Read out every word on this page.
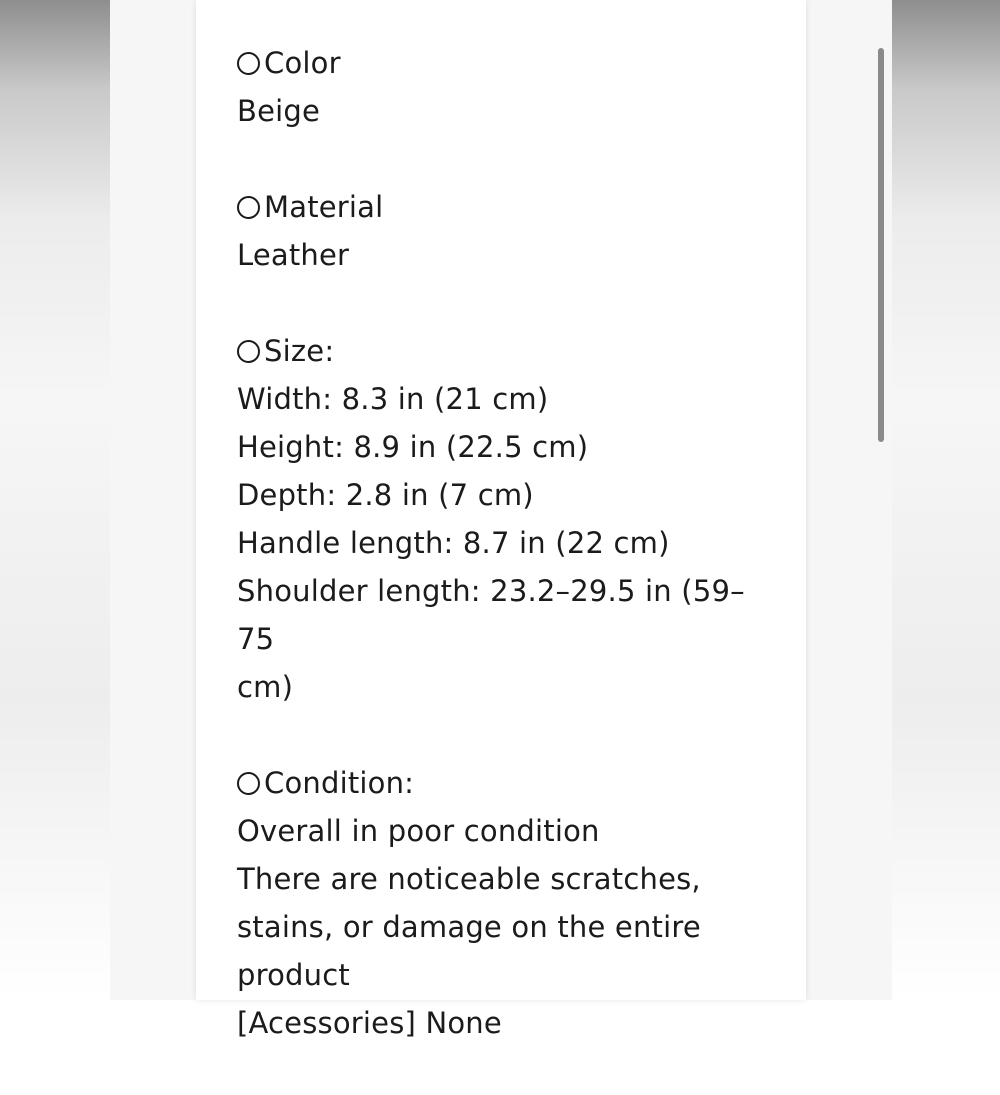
Color
Beige
Material
Leather
Size:
Width: 8.3 in (21 cm)
Height: 8.9 in (22.5 cm)
Depth: 2.8 in (7 cm)
Handle length: 8.7 in (22 cm)
Shoulder length: 23.2–29.5 in (59–75
cm)
Condition:
Overall in poor condition
There are noticeable scratches,
stains, or damage on the entire
product
[Acessories] None
